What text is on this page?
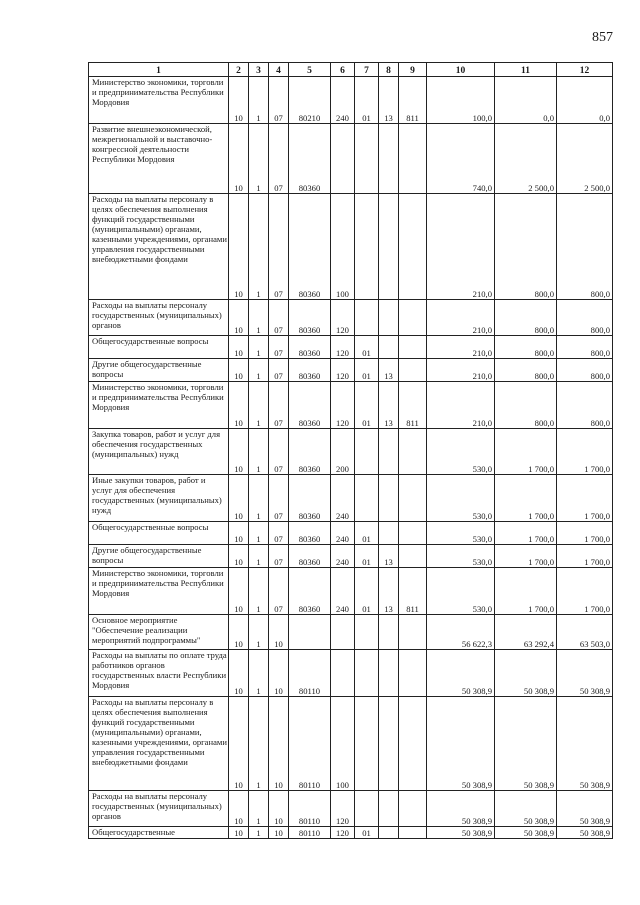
857
1	2	3	4	5	6	7	8	9	10	11	12
Министерство экономики, торговли и предпринимательства Республики Мордовия	10	1	07	80210	240	01	13	811	100,0	0,0	0,0
Развитие внешнеэкономической, межрегиональной и выставочно-конгрессной деятельности Республики Мордовия	10	1	07	80360					740,0	2 500,0	2 500,0
Расходы на выплаты персоналу в целях обеспечения выполнения функций государственными (муниципальными) органами, казенными учреждениями, органами управления государственными внебюджетными фондами	10	1	07	80360	100				210,0	800,0	800,0
Расходы на выплаты персоналу государственных (муниципальных) органов	10	1	07	80360	120				210,0	800,0	800,0
Общегосударственные вопросы	10	1	07	80360	120	01			210,0	800,0	800,0
Другие общегосударственные вопросы	10	1	07	80360	120	01	13		210,0	800,0	800,0
Министерство экономики, торговли и предпринимательства Республики Мордовия	10	1	07	80360	120	01	13	811	210,0	800,0	800,0
Закупка товаров, работ и услуг для обеспечения государственных (муниципальных) нужд	10	1	07	80360	200				530,0	1 700,0	1 700,0
Иные закупки товаров, работ и услуг для обеспечения государственных (муниципальных) нужд	10	1	07	80360	240				530,0	1 700,0	1 700,0
Общегосударственные вопросы	10	1	07	80360	240	01			530,0	1 700,0	1 700,0
Другие общегосударственные вопросы	10	1	07	80360	240	01	13		530,0	1 700,0	1 700,0
Министерство экономики, торговли и предпринимательства Республики Мордовия	10	1	07	80360	240	01	13	811	530,0	1 700,0	1 700,0
Основное мероприятие "Обеспечение реализации мероприятий подпрограммы"	10	1	10						56 622,3	63 292,4	63 503,0
Расходы на выплаты по оплате труда работников органов государственных власти Республики Мордовия	10	1	10	80110					50 308,9	50 308,9	50 308,9
Расходы на выплаты персоналу в целях обеспечения выполнения функций государственными (муниципальными) органами, казенными учреждениями, органами управления государственными внебюджетными фондами	10	1	10	80110	100				50 308,9	50 308,9	50 308,9
Расходы на выплаты персоналу государственных (муниципальных) органов	10	1	10	80110	120				50 308,9	50 308,9	50 308,9
Общегосударственные	10	1	10	80110	120	01			50 308,9	50 308,9	50 308,9
